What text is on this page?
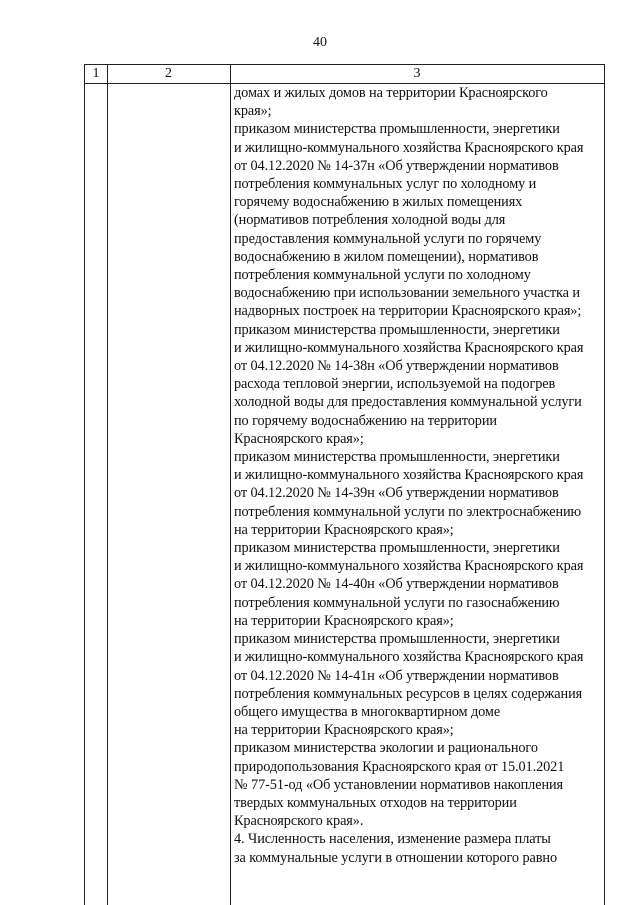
40
1	2	3
домах и жилых домов на территории Красноярского
края»;
приказом министерства промышленности, энергетики
и жилищно-коммунального хозяйства Красноярского края
от 04.12.2020 № 14-37н «Об утверждении нормативов
потребления коммунальных услуг по холодному и
горячему водоснабжению в жилых помещениях
(нормативов потребления холодной воды для
предоставления коммунальной услуги по горячему
водоснабжению в жилом помещении), нормативов
потребления коммунальной услуги по холодному
водоснабжению при использовании земельного участка и
надворных построек на территории Красноярского края»;
приказом министерства промышленности, энергетики
и жилищно-коммунального хозяйства Красноярского края
от 04.12.2020 № 14-38н «Об утверждении нормативов
расхода тепловой энергии, используемой на подогрев
холодной воды для предоставления коммунальной услуги
по горячему водоснабжению на территории
Красноярского края»;
приказом министерства промышленности, энергетики
и жилищно-коммунального хозяйства Красноярского края
от 04.12.2020 № 14-39н «Об утверждении нормативов
потребления коммунальной услуги по электроснабжению
на территории Красноярского края»;
приказом министерства промышленности, энергетики
и жилищно-коммунального хозяйства Красноярского края
от 04.12.2020 № 14-40н «Об утверждении нормативов
потребления коммунальной услуги по газоснабжению
на территории Красноярского края»;
приказом министерства промышленности, энергетики
и жилищно-коммунального хозяйства Красноярского края
от 04.12.2020 № 14-41н «Об утверждении нормативов
потребления коммунальных ресурсов в целях содержания
общего имущества в многоквартирном доме
на территории Красноярского края»;
приказом министерства экологии и рационального
природопользования Красноярского края от 15.01.2021
№ 77-51-од «Об установлении нормативов накопления
твердых коммунальных отходов на территории
Красноярского края».
4. Численность населения, изменение размера платы
за коммунальные услуги в отношении которого равно
